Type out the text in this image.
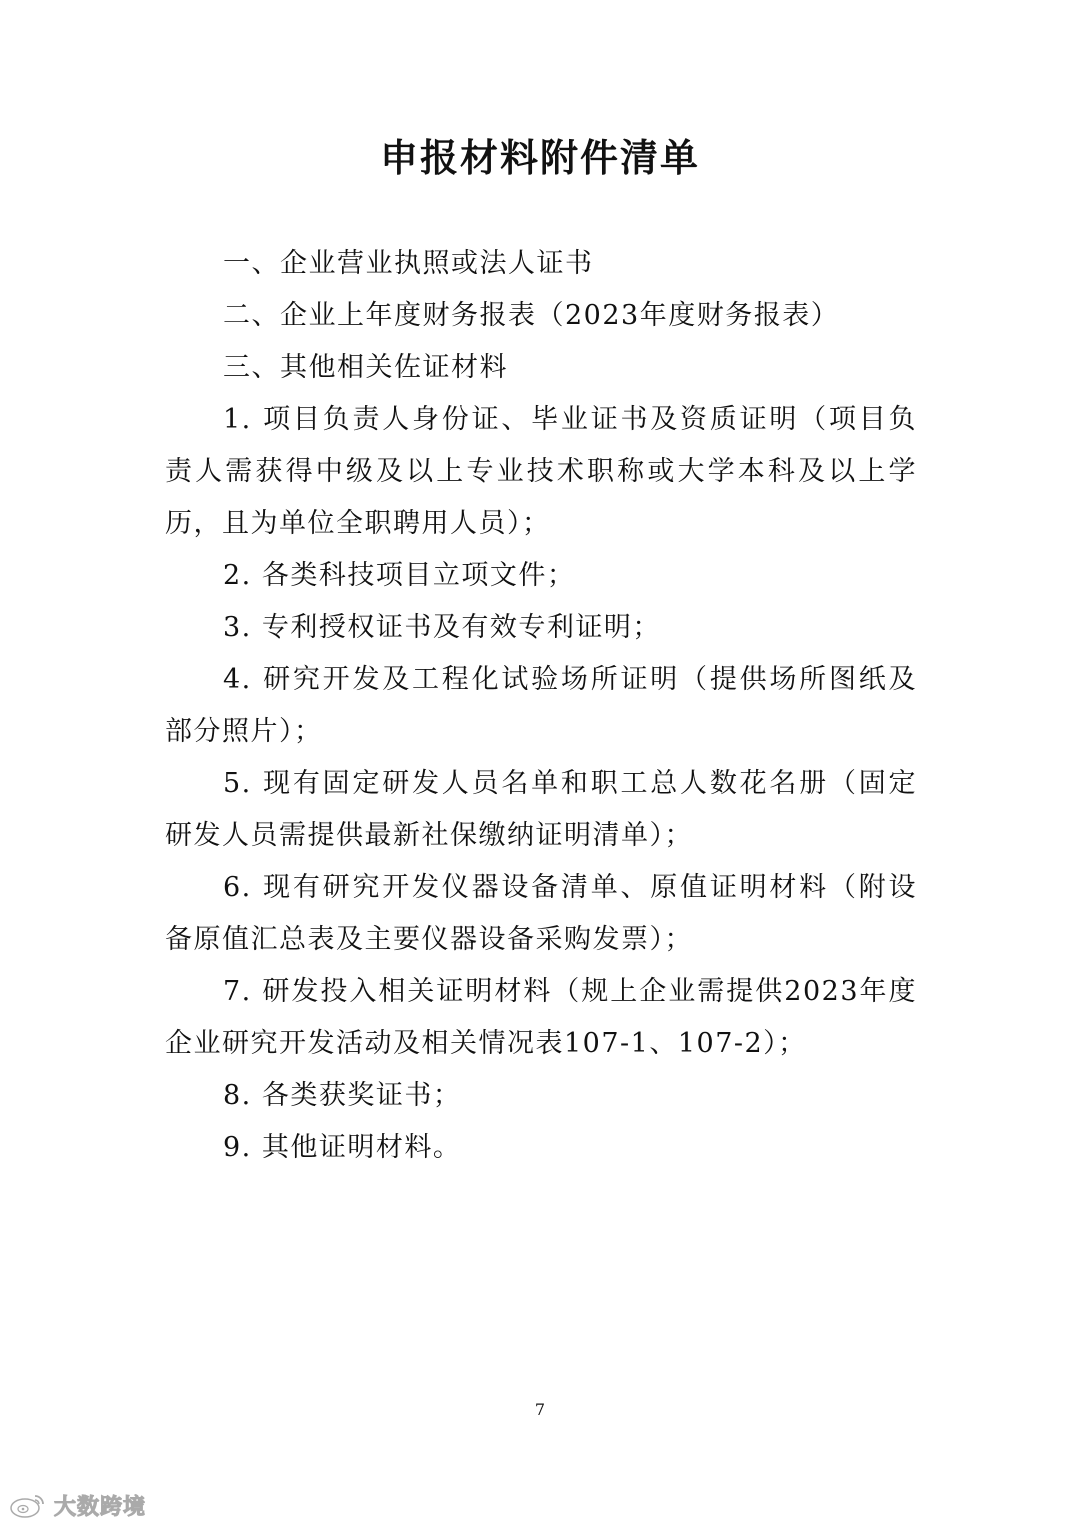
申报材料附件清单

一、企业营业执照或法人证书

二、企业上年度财务报表（2023年度财务报表）

三、其他相关佐证材料

1. 项目负责人身份证、毕业证书及资质证明（项目负责人需获得中级及以上专业技术职称或大学本科及以上学历，且为单位全职聘用人员）；

2. 各类科技项目立项文件；

3. 专利授权证书及有效专利证明；

4. 研究开发及工程化试验场所证明（提供场所图纸及部分照片）；

5. 现有固定研发人员名单和职工总人数花名册（固定研发人员需提供最新社保缴纳证明清单）；

6. 现有研究开发仪器设备清单、原值证明材料（附设备原值汇总表及主要仪器设备采购发票）；

7. 研发投入相关证明材料（规上企业需提供2023年度企业研究开发活动及相关情况表107-1、107-2）；

8. 各类获奖证书；

9. 其他证明材料。

7
大数跨境
